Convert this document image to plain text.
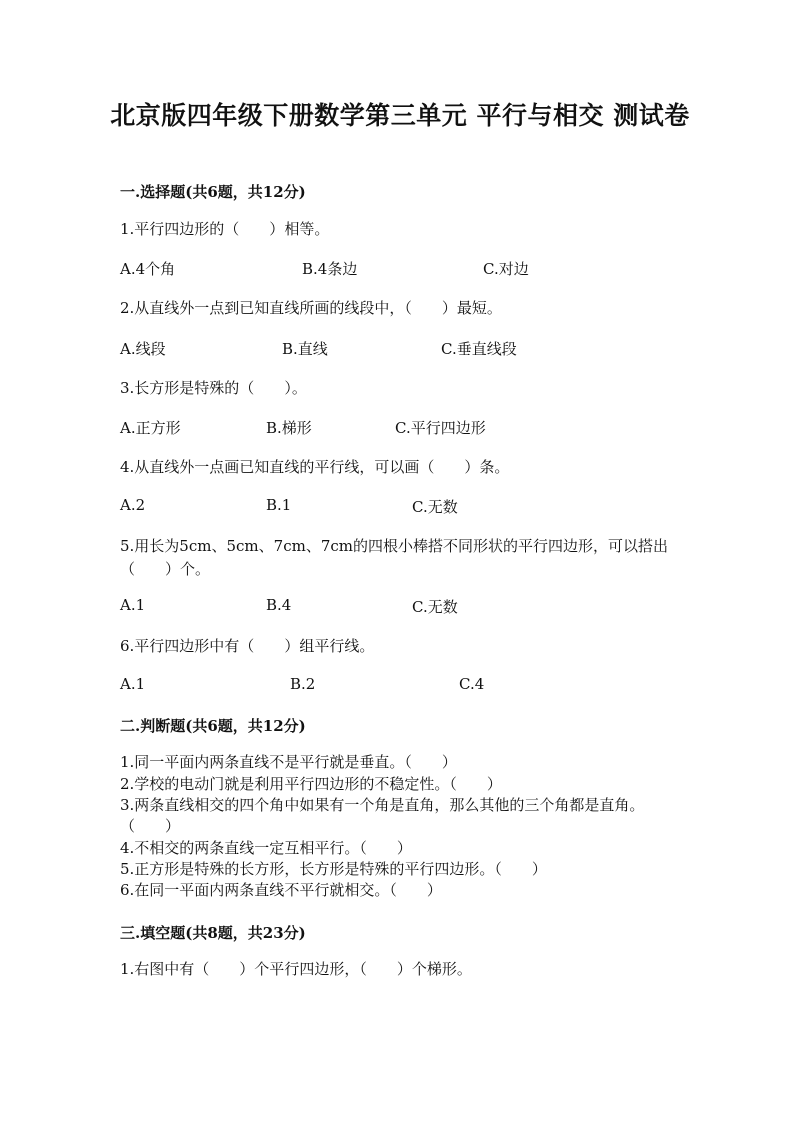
北京版四年级下册数学第三单元 平行与相交 测试卷
一.选择题(共6题，共12分)
1.平行四边形的（　　）相等。
A.4个角	B.4条边	C.对边
2.从直线外一点到已知直线所画的线段中，（　　）最短。
A.线段	B.直线	C.垂直线段
3.长方形是特殊的（　　）。
A.正方形	B.梯形	C.平行四边形
4.从直线外一点画已知直线的平行线，可以画（　　）条。
A.2	B.1	C.无数
5.用长为5cm、5cm、7cm、7cm的四根小棒搭不同形状的平行四边形，可以搭出（　　）个。
A.1	B.4	C.无数
6.平行四边形中有（　　）组平行线。
A.1	B.2	C.4
二.判断题(共6题，共12分)
1.同一平面内两条直线不是平行就是垂直。（　　）
2.学校的电动门就是利用平行四边形的不稳定性。（　　）
3.两条直线相交的四个角中如果有一个角是直角，那么其他的三个角都是直角。（　　）
4.不相交的两条直线一定互相平行。（　　）
5.正方形是特殊的长方形，长方形是特殊的平行四边形。（　　）
6.在同一平面内两条直线不平行就相交。（　　）
三.填空题(共8题，共23分)
1.右图中有（　　）个平行四边形，（　　）个梯形。
